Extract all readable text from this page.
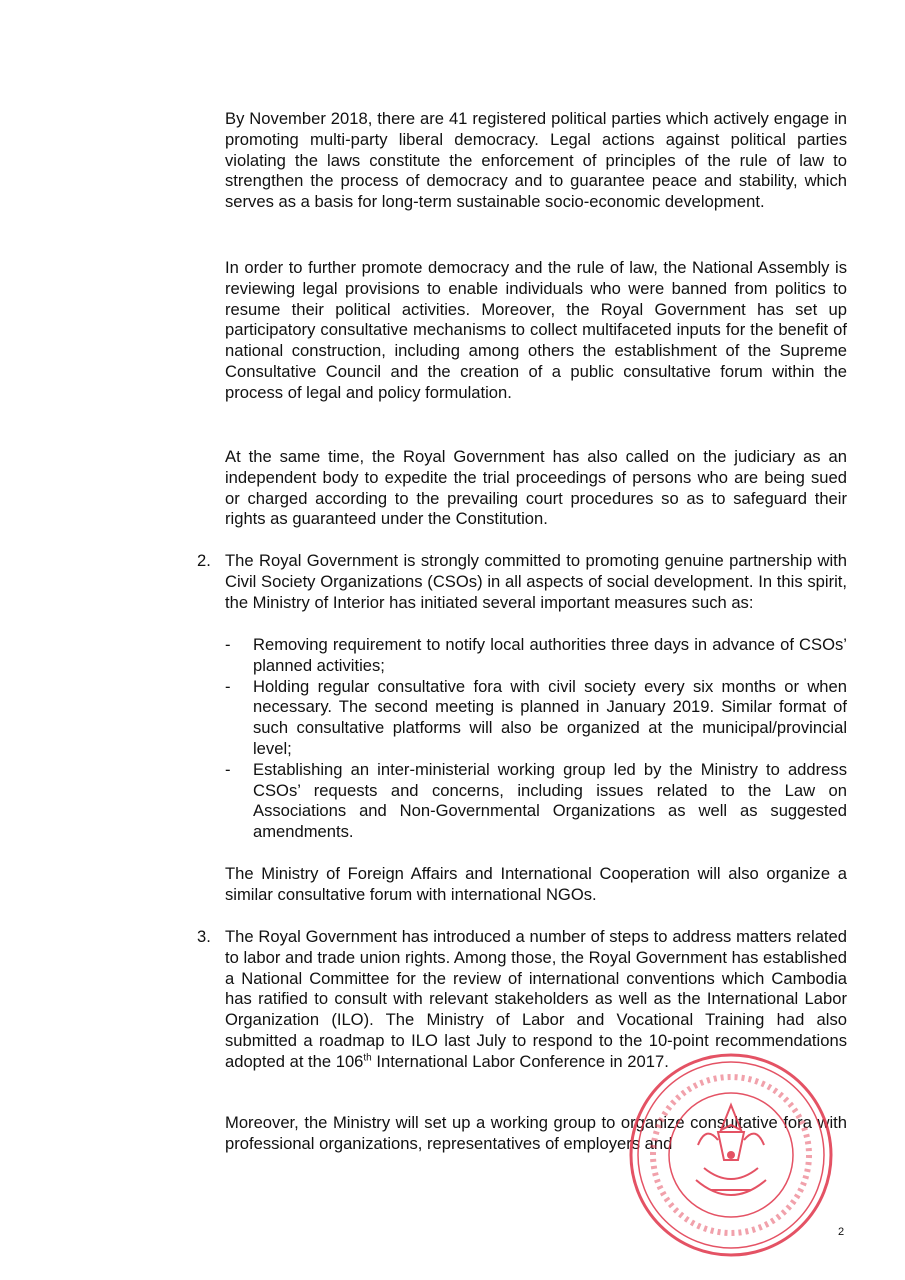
By November 2018, there are 41 registered political parties which actively engage in promoting multi-party liberal democracy. Legal actions against political parties violating the laws constitute the enforcement of principles of the rule of law to strengthen the process of democracy and to guarantee peace and stability, which serves as a basis for long-term sustainable socio-economic development.

In order to further promote democracy and the rule of law, the National Assembly is reviewing legal provisions to enable individuals who were banned from politics to resume their political activities. Moreover, the Royal Government has set up participatory consultative mechanisms to collect multifaceted inputs for the benefit of national construction, including among others the establishment of the Supreme Consultative Council and the creation of a public consultative forum within the process of legal and policy formulation.

At the same time, the Royal Government has also called on the judiciary as an independent body to expedite the trial proceedings of persons who are being sued or charged according to the prevailing court procedures so as to safeguard their rights as guaranteed under the Constitution.

2. The Royal Government is strongly committed to promoting genuine partnership with Civil Society Organizations (CSOs) in all aspects of social development. In this spirit, the Ministry of Interior has initiated several important measures such as:

- Removing requirement to notify local authorities three days in advance of CSOs’ planned activities;
- Holding regular consultative fora with civil society every six months or when necessary. The second meeting is planned in January 2019. Similar format of such consultative platforms will also be organized at the municipal/provincial level;
- Establishing an inter-ministerial working group led by the Ministry to address CSOs’ requests and concerns, including issues related to the Law on Associations and Non-Governmental Organizations as well as suggested amendments.

The Ministry of Foreign Affairs and International Cooperation will also organize a similar consultative forum with international NGOs.

3. The Royal Government has introduced a number of steps to address matters related to labor and trade union rights. Among those, the Royal Government has established a National Committee for the review of international conventions which Cambodia has ratified to consult with relevant stakeholders as well as the International Labor Organization (ILO). The Ministry of Labor and Vocational Training had also submitted a roadmap to ILO last July to respond to the 10-point recommendations adopted at the 106th International Labor Conference in 2017.

Moreover, the Ministry will set up a working group to organize consultative fora with professional organizations, representatives of employers and

2
